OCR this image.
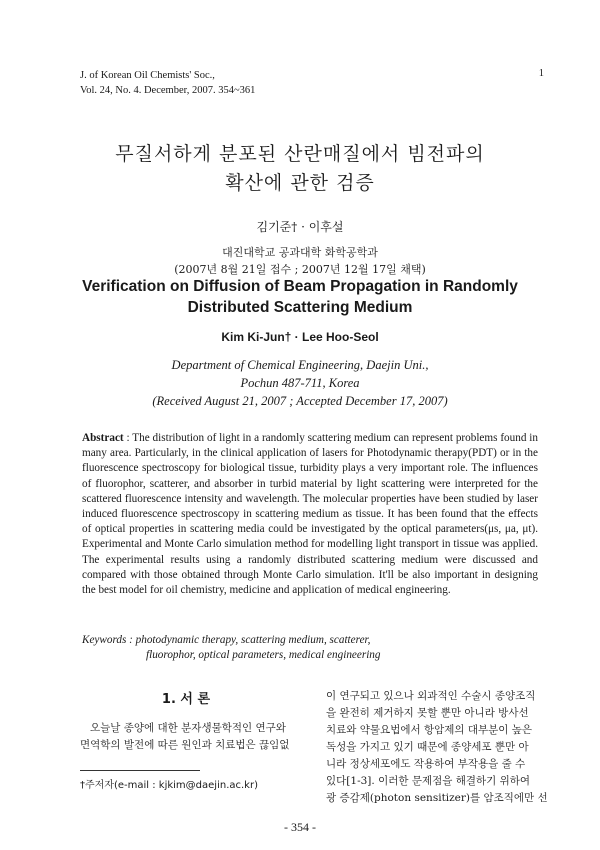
J. of Korean Oil Chemists' Soc.,
Vol. 24, No. 4. December, 2007. 354~361
1
무질서하게 분포된 산란매질에서 빔전파의
확산에 관한 검증
김기준† · 이후설
대진대학교 공과대학 화학공학과
(2007년 8월 21일 접수 ; 2007년 12월 17일 채택)
Verification on Diffusion of Beam Propagation in Randomly
Distributed Scattering Medium
Kim Ki-Jun† · Lee Hoo-Seol
Department of Chemical Engineering, Daejin Uni.,
Pochun 487-711, Korea
(Received August 21, 2007 ; Accepted December 17, 2007)
Abstract : The distribution of light in a randomly scattering medium can represent problems found in many area. Particularly, in the clinical application of lasers for Photodynamic therapy(PDT) or in the fluorescence spectroscopy for biological tissue, turbidity plays a very important role. The influences of fluorophor, scatterer, and absorber in turbid material by light scattering were interpreted for the scattered fluorescence intensity and wavelength. The molecular properties have been studied by laser induced fluorescence spectroscopy in scattering medium as tissue. It has been found that the effects of optical properties in scattering media could be investigated by the optical parameters(μs, μa, μt). Experimental and Monte Carlo simulation method for modelling light transport in tissue was applied. The experimental results using a randomly distributed scattering medium were discussed and compared with those obtained through Monte Carlo simulation. It'll be also important in designing the best model for oil chemistry, medicine and application of medical engineering.
Keywords : photodynamic therapy, scattering medium, scatterer,
fluorophor, optical parameters, medical engineering
1. 서 론
오늘날 종양에 대한 분자생물학적인 연구와
면역학의 발전에 따른 원인과 치료법은 끊임없
†주저자(e-mail : kjkim@daejin.ac.kr)
이 연구되고 있으나 외과적인 수술시 종양조직
을 완전히 제거하지 못할 뿐만 아니라 방사선
치료와 약물요법에서 항암제의 대부분이 높은
독성을 가지고 있기 때문에 종양세포 뿐만 아
니라 정상세포에도 작용하여 부작용을 줄 수
있다[1-3]. 이러한 문제점을 해결하기 위하여
광 증감제(photon sensitizer)를 암조직에만 선
- 354 -
